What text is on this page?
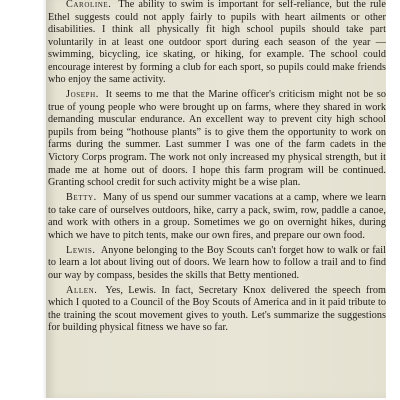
Caroline. The ability to swim is important for self-reliance, but the rule Ethel suggests could not apply fairly to pupils with heart ailments or other disabilities. I think all physically fit high school pupils should take part voluntarily in at least one outdoor sport during each season of the year — swimming, bicycling, ice skating, or hiking, for example. The school could encourage interest by forming a club for each sport, so pupils could make friends who enjoy the same activity.

Joseph. It seems to me that the Marine officer's criticism might not be so true of young people who were brought up on farms, where they shared in work demanding muscular endurance. An excellent way to prevent city high school pupils from being “hothouse plants” is to give them the opportunity to work on farms during the summer. Last summer I was one of the farm cadets in the Victory Corps program. The work not only increased my physical strength, but it made me at home out of doors. I hope this farm program will be continued. Granting school credit for such activity might be a wise plan.

Betty. Many of us spend our summer vacations at a camp, where we learn to take care of ourselves outdoors, hike, carry a pack, swim, row, paddle a canoe, and work with others in a group. Sometimes we go on overnight hikes, during which we have to pitch tents, make our own fires, and prepare our own food.

Lewis. Anyone belonging to the Boy Scouts can't forget how to walk or fail to learn a lot about living out of doors. We learn how to follow a trail and to find our way by compass, besides the skills that Betty mentioned.

Allen. Yes, Lewis. In fact, Secretary Knox delivered the speech from which I quoted to a Council of the Boy Scouts of America and in it paid tribute to the training the scout movement gives to youth. Let's summarize the suggestions for building physical fitness we have so far.
